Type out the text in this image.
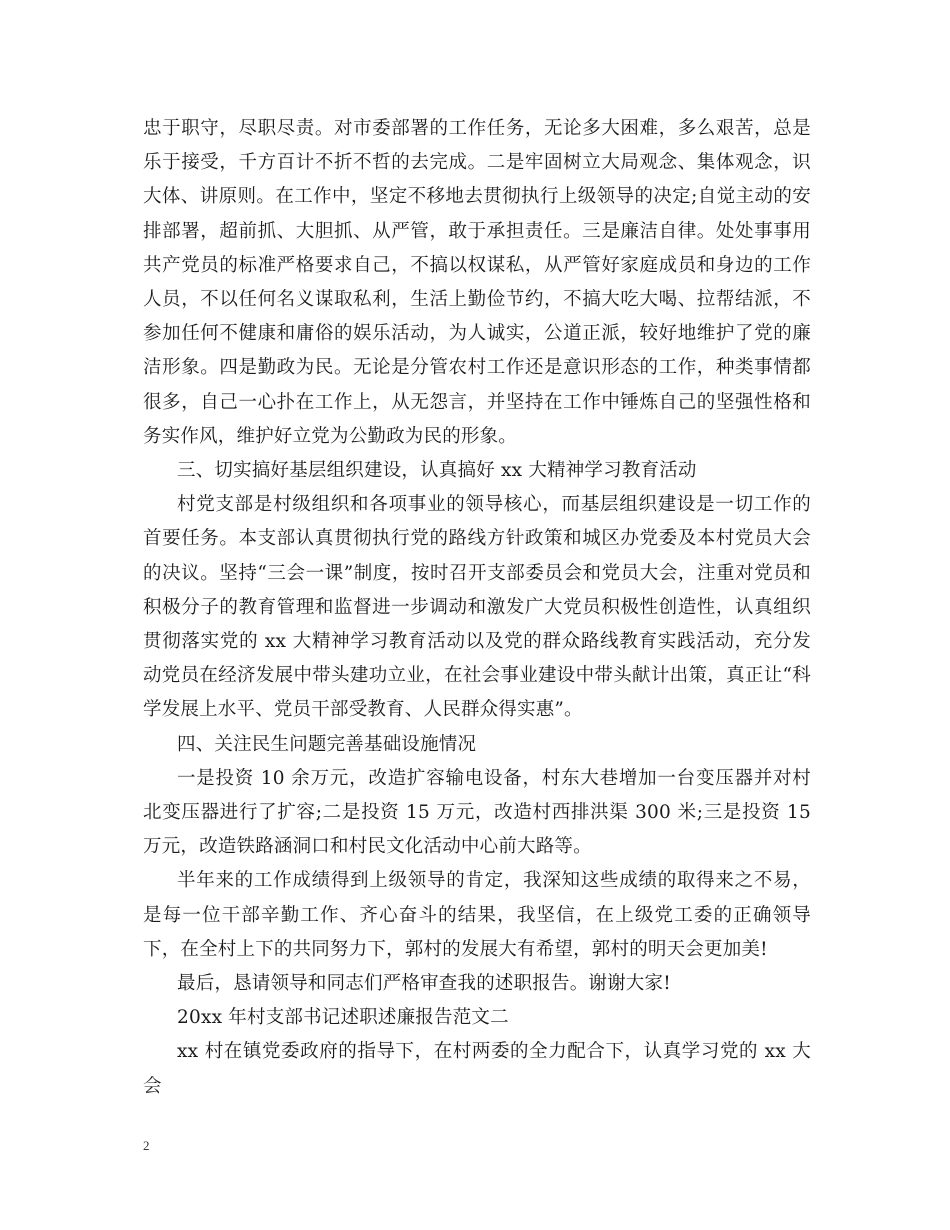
忠于职守，尽职尽责。对市委部署的工作任务，无论多大困难，多么艰苦，总是乐于接受，千方百计不折不哲的去完成。二是牢固树立大局观念、集体观念，识大体、讲原则。在工作中，坚定不移地去贯彻执行上级领导的决定;自觉主动的安排部署，超前抓、大胆抓、从严管，敢于承担责任。三是廉洁自律。处处事事用共产党员的标准严格要求自己，不搞以权谋私，从严管好家庭成员和身边的工作人员，不以任何名义谋取私利，生活上勤俭节约，不搞大吃大喝、拉帮结派，不参加任何不健康和庸俗的娱乐活动，为人诚实，公道正派，较好地维护了党的廉洁形象。四是勤政为民。无论是分管农村工作还是意识形态的工作，种类事情都很多，自己一心扑在工作上，从无怨言，并坚持在工作中锤炼自己的坚强性格和务实作风，维护好立党为公勤政为民的形象。

三、切实搞好基层组织建设，认真搞好 xx 大精神学习教育活动

村党支部是村级组织和各项事业的领导核心，而基层组织建设是一切工作的首要任务。本支部认真贯彻执行党的路线方针政策和城区办党委及本村党员大会的决议。坚持“三会一课”制度，按时召开支部委员会和党员大会，注重对党员和积极分子的教育管理和监督进一步调动和激发广大党员积极性创造性，认真组织贯彻落实党的 xx 大精神学习教育活动以及党的群众路线教育实践活动，充分发动党员在经济发展中带头建功立业，在社会事业建设中带头献计出策，真正让“科学发展上水平、党员干部受教育、人民群众得实惠”。

四、关注民生问题完善基础设施情况

一是投资 10 余万元，改造扩容输电设备，村东大巷增加一台变压器并对村北变压器进行了扩容;二是投资 15 万元，改造村西排洪渠 300 米;三是投资 15 万元，改造铁路涵洞口和村民文化活动中心前大路等。

半年来的工作成绩得到上级领导的肯定，我深知这些成绩的取得来之不易，是每一位干部辛勤工作、齐心奋斗的结果，我坚信，在上级党工委的正确领导下，在全村上下的共同努力下，郭村的发展大有希望，郭村的明天会更加美!

最后，恳请领导和同志们严格审查我的述职报告。谢谢大家!

20xx 年村支部书记述职述廉报告范文二

xx 村在镇党委政府的指导下，在村两委的全力配合下，认真学习党的 xx 大会

2
